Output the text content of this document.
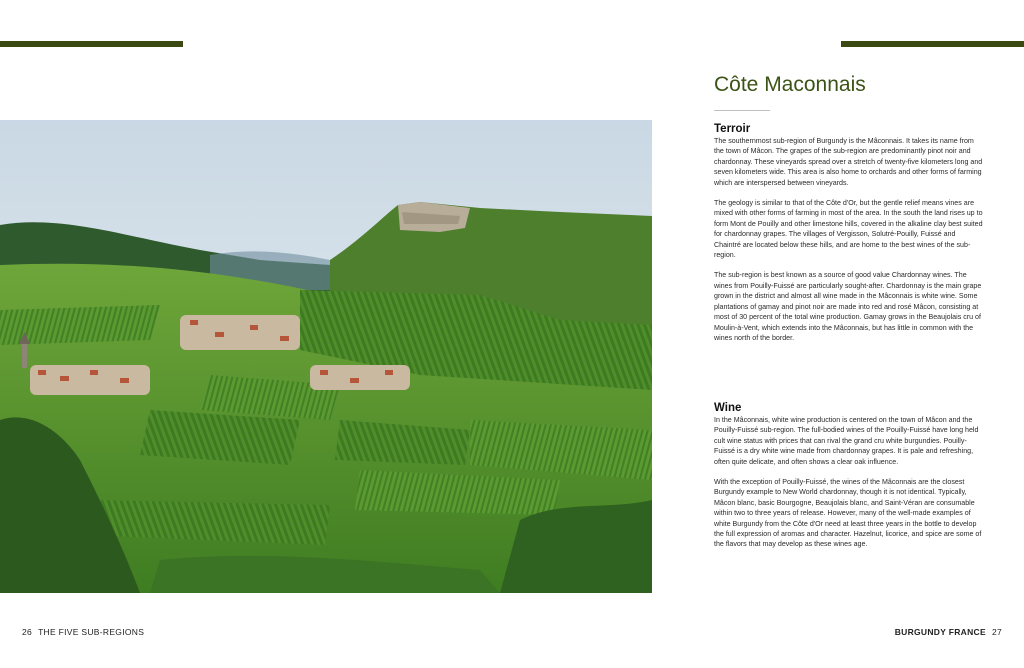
Côte Maconnais
Terroir

The southernmost sub-region of Burgundy is the Mâconnais. It takes its name from the town of Mâcon. The grapes of the sub-region are predominantly pinot noir and chardonnay. These vineyards spread over a stretch of twenty-five kilometers long and seven kilometers wide. This area is also home to orchards and other forms of farming which are interspersed between vineyards.

The geology is similar to that of the Côte d'Or, but the gentle relief means vines are mixed with other forms of farming in most of the area. In the south the land rises up to form Mont de Pouilly and other limestone hills, covered in the alkaline clay best suited for chardonnay grapes. The villages of Vergisson, Solutré-Pouilly, Fuissé and Chaintré are located below these hills, and are home to the best wines of the sub-region.

The sub-region is best known as a source of good value Chardonnay wines. The wines from Pouilly-Fuissé are particularly sought-after. Chardonnay is the main grape grown in the district and almost all wine made in the Mâconnais is white wine. Some plantations of gamay and pinot noir are made into red and rosé Mâcon, consisting at most of 30 percent of the total wine production. Gamay grows in the Beaujolais cru of Moulin-à-Vent, which extends into the Mâconnais, but has little in common with the wines north of the border.

Wine

In the Mâconnais, white wine production is centered on the town of Mâcon and the Pouilly-Fuissé sub-region. The full-bodied wines of the Pouilly-Fuissé have long held cult wine status with prices that can rival the grand cru white burgundies. Pouilly-Fuissé is a dry white wine made from chardonnay grapes. It is pale and refreshing, often quite delicate, and often shows a clear oak influence.

With the exception of Pouilly-Fuissé, the wines of the Mâconnais are the closest Burgundy example to New World chardonnay, though it is not identical. Typically, Mâcon blanc, basic Bourgogne, Beaujolais blanc, and Saint-Véran are consumable within two to three years of release. However, many of the well-made examples of white Burgundy from the Côte d'Or need at least three years in the bottle to develop the full expression of aromas and character. Hazelnut, licorice, and spice are some of the flavors that may develop as these wines age.

26 THE FIVE SUB-REGIONS	BURGUNDY FRANCE 27
